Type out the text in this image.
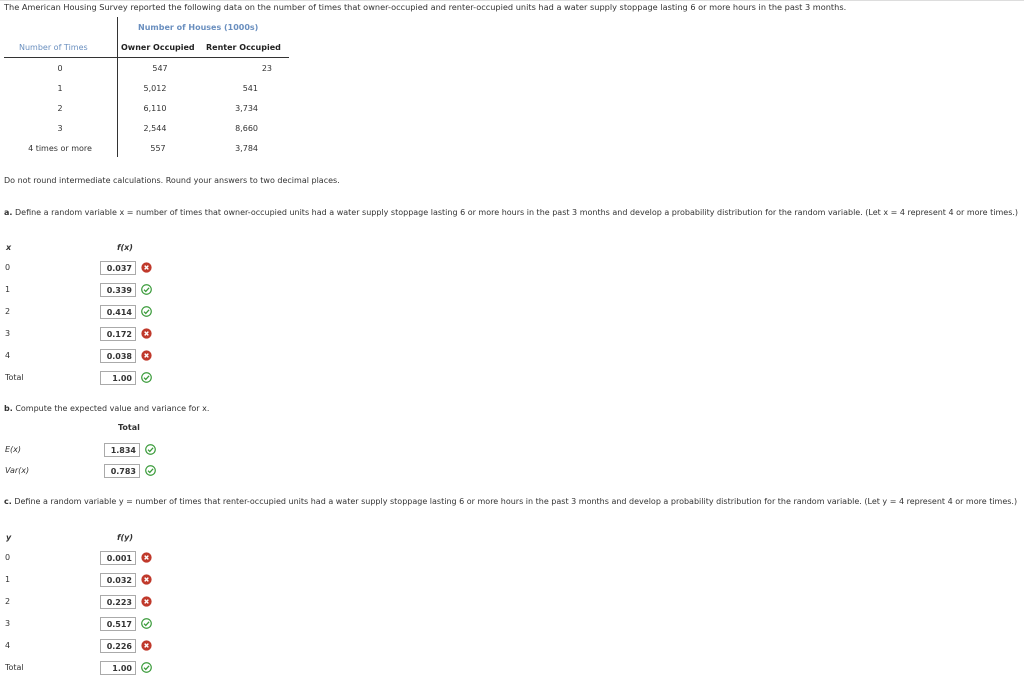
The American Housing Survey reported the following data on the number of times that owner-occupied and renter-occupied units had a water supply stoppage lasting 6 or more hours in the past 3 months.
Number of Houses (1000s)
Number of Times	Owner Occupied Renter Occupied
0	547	23
1	5,012	541
2	6,110	3,734
3	2,544	8,660
4 times or more	557	3,784
Do not round intermediate calculations. Round your answers to two decimal places.
a. Define a random variable x = number of times that owner-occupied units had a water supply stoppage lasting 6 or more hours in the past 3 months and develop a probability distribution for the random variable. (Let x = 4 represent 4 or more times.)
x	f(x)
0	0.037
1	0.339
2	0.414
3	0.172
4	0.038
Total	1.00
b. Compute the expected value and variance for x.
Total
E(x)	1.834
Var(x)	0.783
c. Define a random variable y = number of times that renter-occupied units had a water supply stoppage lasting 6 or more hours in the past 3 months and develop a probability distribution for the random variable. (Let y = 4 represent 4 or more times.)
y	f(y)
0	0.001
1	0.032
2	0.223
3	0.517
4	0.226
Total	1.00
